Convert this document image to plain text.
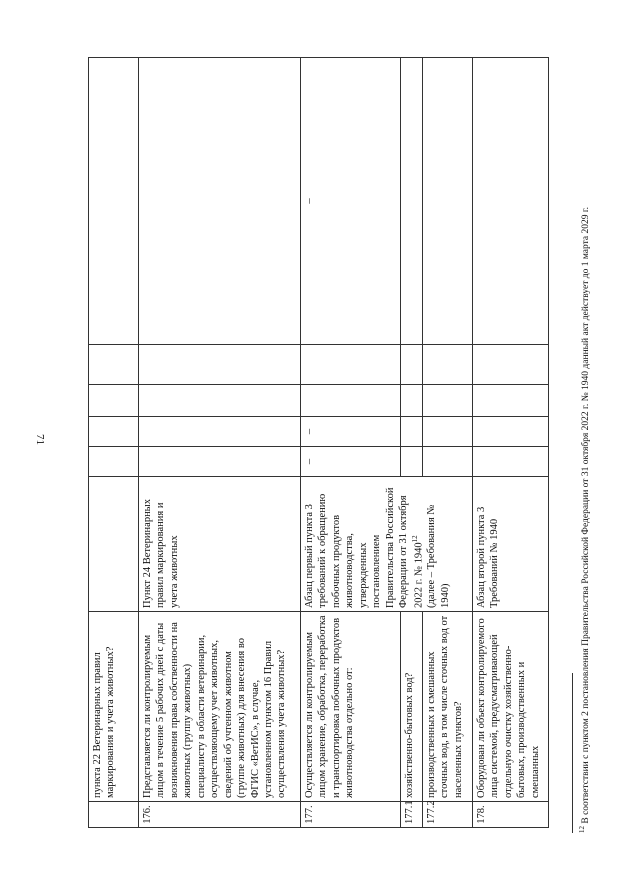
71
	пункта 22 Ветеринарных правил маркирования и учета животных?						
176.	Представляется ли контролируемым лицом в течение 5 рабочих дней с даты возникновения права собственности на животных (группу животных) специалисту в области ветеринарии, осуществляющему учет животных, сведений об учтенном животном (группе животных) для внесения во ФГИС «ВетИС», в случае, установленном пунктом 16 Правил осуществления учета животных?	Пункт 24 Ветеринарных правил маркирования и учета животных					
177.	Осуществляется ли контролируемым лицом хранение, обработка, переработка и транспортировка побочных продуктов животноводства отдельно от:	Абзац первый пункта 3 требований к обращению побочных продуктов животноводства, утвержденных постановлением Правительства Российской Федерации от 31 октября 2022 г. № 1940$^{12}$ (далее – Требования № 1940)	–	–			–

177.1	хозяйственно-бытовых вод?						
177.2	производственных и смешанных сточных вод, в том числе сточных вод от населенных пунктов?						
178.	Оборудован ли объект контролируемого лица системой, предусматривающей отдельную очистку хозяйственно-бытовых, производственных и смешанных	Абзац второй пункта 3 Требований № 1940					
$^{12}$ В соответствии с пунктом 2 постановления Правительства Российской Федерации от 31 октября 2022 г. № 1940 данный акт действует до 1 марта 2029 г.
